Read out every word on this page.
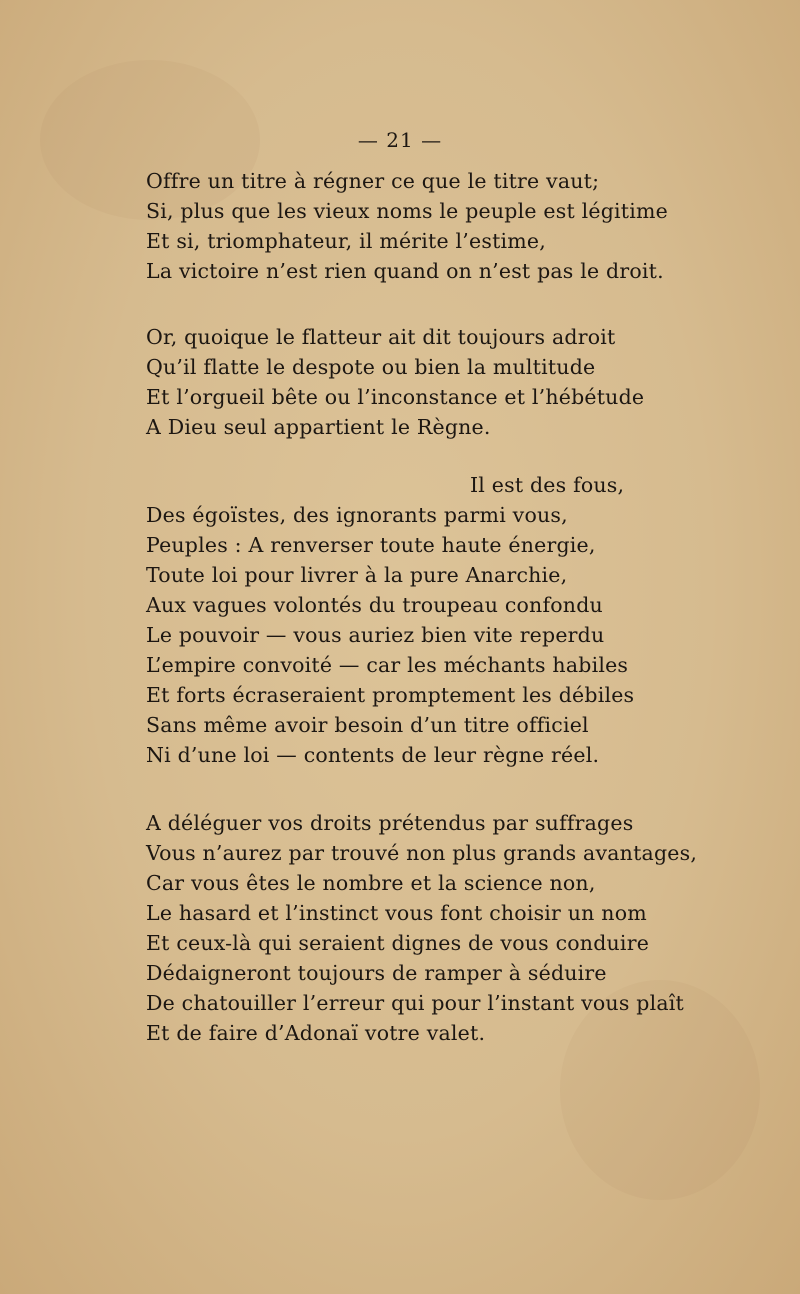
— 21 —
Offre un titre à régner ce que le titre vaut;
Si, plus que les vieux noms le peuple est légitime
Et si, triomphateur, il mérite l’estime,
La victoire n’est rien quand on n’est pas le droit.
Or, quoique le flatteur ait dit toujours adroit
Qu’il flatte le despote ou bien la multitude
Et l’orgueil bête ou l’inconstance et l’hébétude
A Dieu seul appartient le Règne.
Il est des fous,
Des égoïstes, des ignorants parmi vous,
Peuples : A renverser toute haute énergie,
Toute loi pour livrer à la pure Anarchie,
Aux vagues volontés du troupeau confondu
Le pouvoir — vous auriez bien vite reperdu
L’empire convoité — car les méchants habiles
Et forts écraseraient promptement les débiles
Sans même avoir besoin d’un titre officiel
Ni d’une loi — contents de leur règne réel.
A déléguer vos droits prétendus par suffrages
Vous n’aurez par trouvé non plus grands avantages,
Car vous êtes le nombre et la science non,
Le hasard et l’instinct vous font choisir un nom
Et ceux-là qui seraient dignes de vous conduire
Dédaigneront toujours de ramper à séduire
De chatouiller l’erreur qui pour l’instant vous plaît
Et de faire d’Adonaï votre valet.
